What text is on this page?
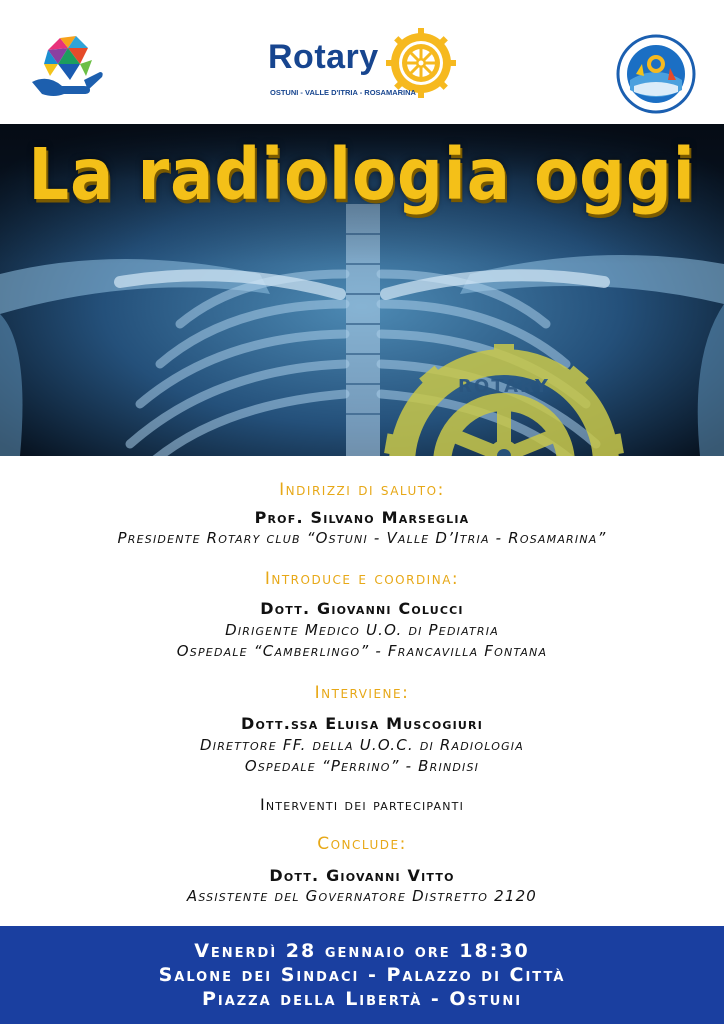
Rotary
OSTUNI - VALLE D'ITRIA - ROSAMARINA
ROTARY
La radiologia oggi
Indirizzi di saluto:
Prof. Silvano Marseglia
Presidente Rotary club “Ostuni - Valle D’Itria - Rosamarina”
Introduce e coordina:
Dott. Giovanni Colucci
Dirigente Medico U.O. di Pediatria
Ospedale “Camberlingo” - Francavilla Fontana
Interviene:
Dott.ssa Eluisa Muscogiuri
Direttore FF. della U.O.C. di Radiologia
Ospedale “Perrino” - Brindisi
Interventi dei partecipanti
Conclude:
Dott. Giovanni Vitto
Assistente del Governatore Distretto 2120
Venerdì 28 gennaio ore 18:30
Salone dei Sindaci - Palazzo di Città
Piazza della Libertà - Ostuni
